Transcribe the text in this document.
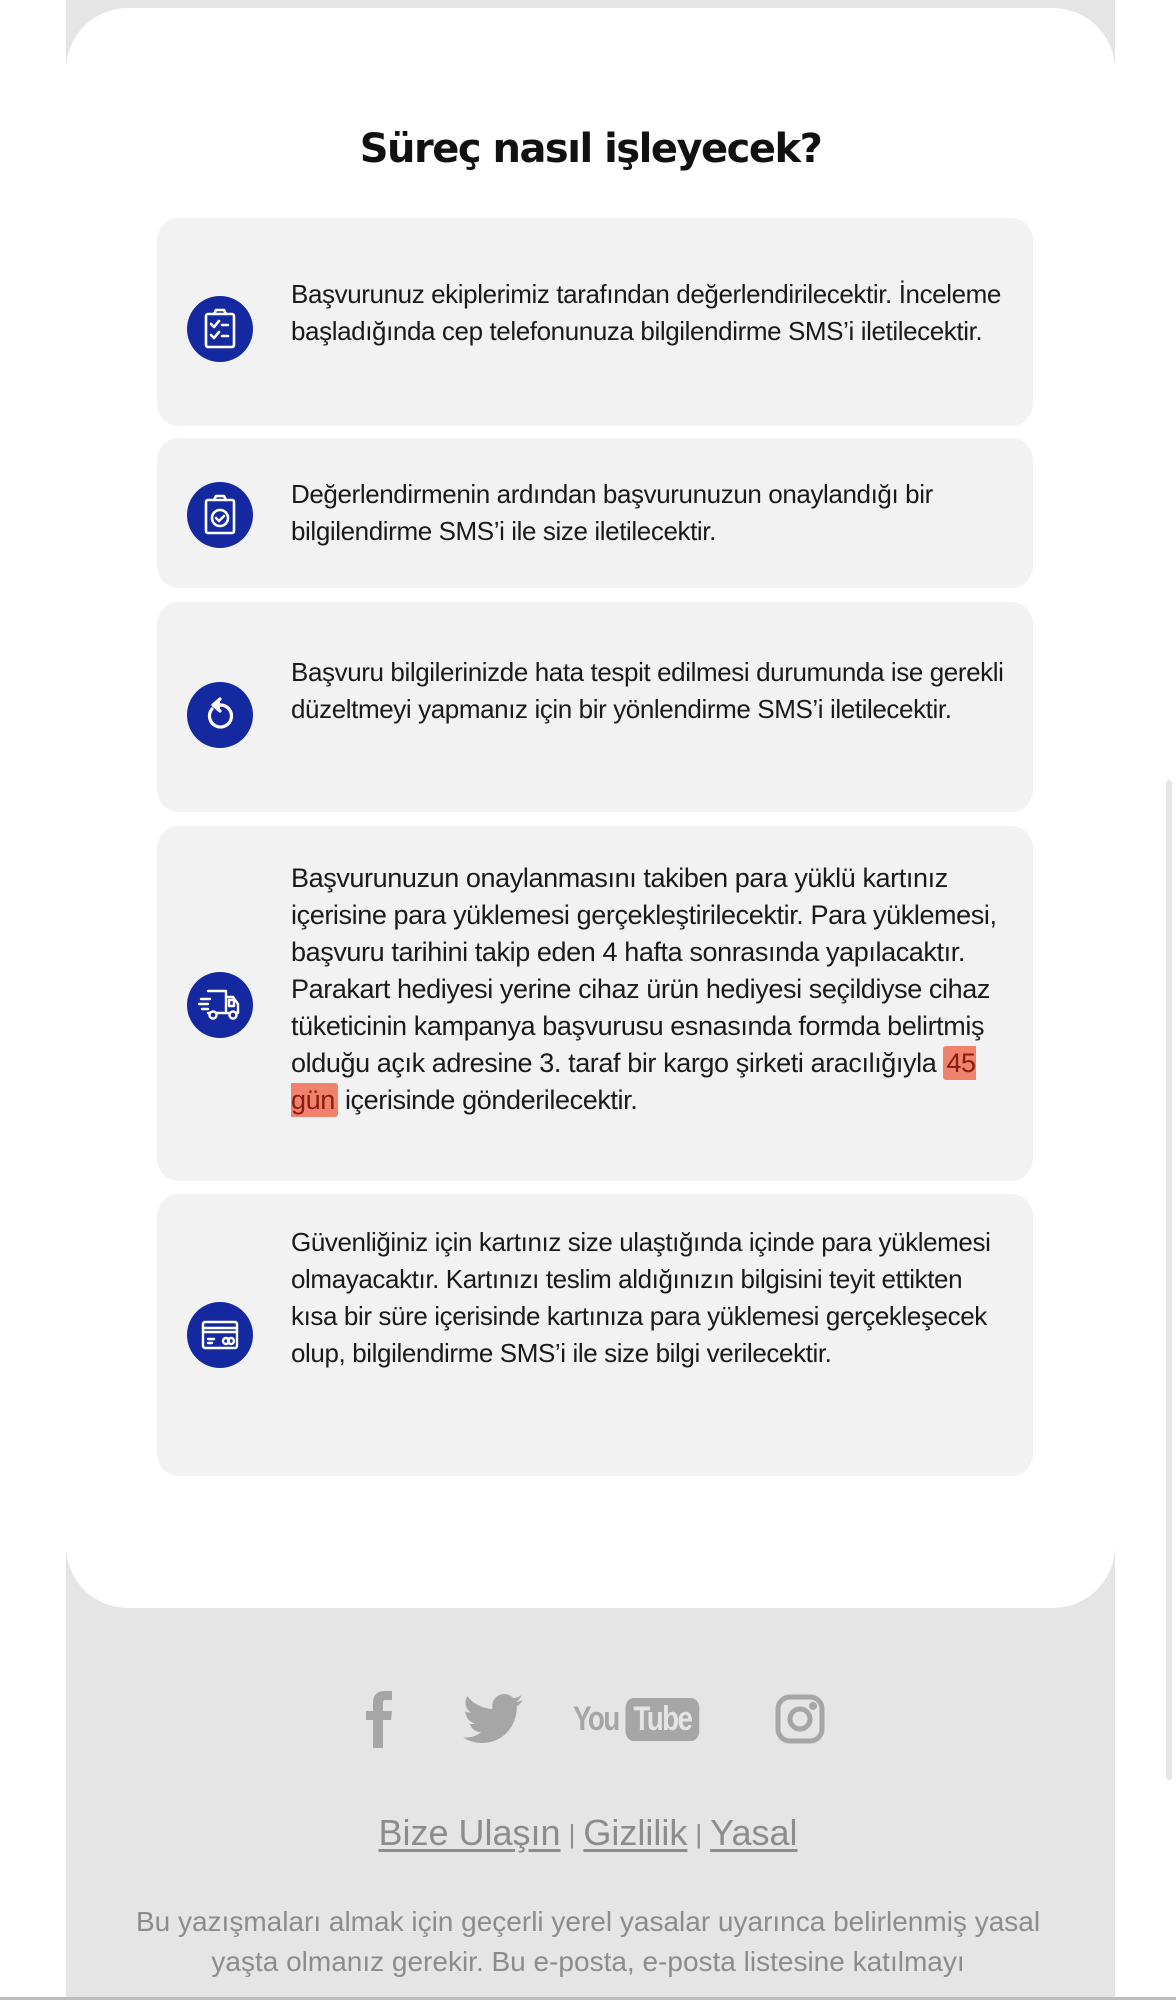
Süreç nasıl işleyecek?
Başvurunuz ekiplerimiz tarafından değerlendirilecektir. İnceleme başladığında cep telefonunuza bilgilendirme SMS’i iletilecektir.
Değerlendirmenin ardından başvurunuzun onaylandığı bir bilgilendirme SMS’i ile size iletilecektir.
Başvuru bilgilerinizde hata tespit edilmesi durumunda ise gerekli düzeltmeyi yapmanız için bir yönlendirme SMS’i iletilecektir.
Başvurunuzun onaylanmasını takiben para yüklü kartınız içerisine para yüklemesi gerçekleştirilecektir. Para yüklemesi, başvuru tarihini takip eden 4 hafta sonrasında yapılacaktır. Parakart hediyesi yerine cihaz ürün hediyesi seçildiyse cihaz tüketicinin kampanya başvurusu esnasında formda belirtmiş olduğu açık adresine 3. taraf bir kargo şirketi aracılığıyla 45 gün içerisinde gönderilecektir.
Güvenliğiniz için kartınız size ulaştığında içinde para yüklemesi olmayacaktır. Kartınızı teslim aldığınızın bilgisini teyit ettikten kısa bir süre içerisinde kartınıza para yüklemesi gerçekleşecek olup, bilgilendirme SMS’i ile size bilgi verilecektir.
You Tube
Bize Ulaşın | Gizlilik | Yasal
Bu yazışmaları almak için geçerli yerel yasalar uyarınca belirlenmiş yasal yaşta olmanız gerekir. Bu e-posta, e-posta listesine katılmayı
